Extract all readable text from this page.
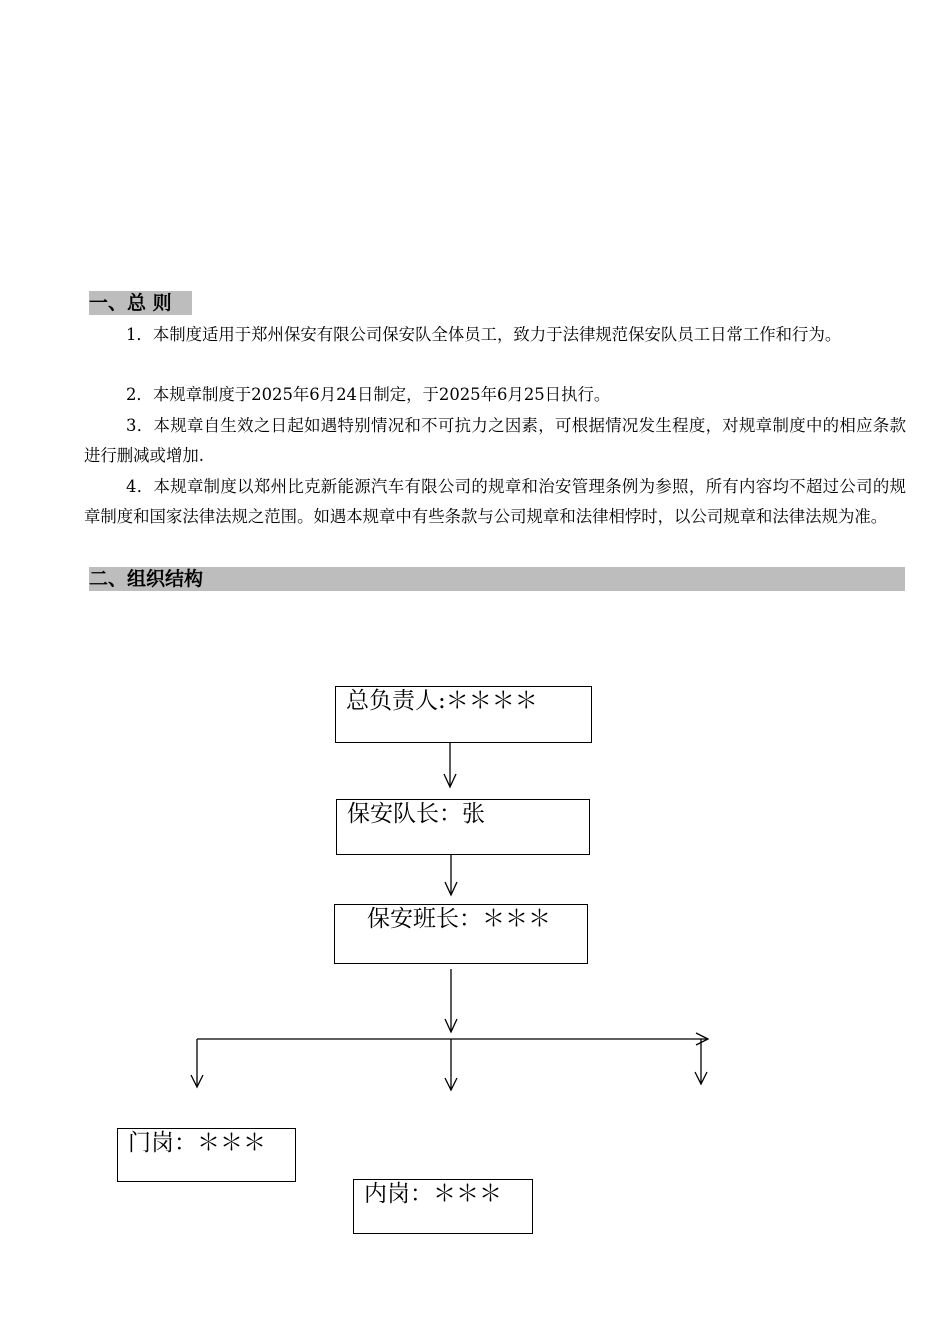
一、总 则
1．本制度适用于郑州保安有限公司保安队全体员工，致力于法律规范保安队员工日常工作和行为。
2．本规章制度于2025年6月24日制定，于2025年6月25日执行。
3．本规章自生效之日起如遇特别情况和不可抗力之因素，可根据情况发生程度，对规章制度中的相应条款进行删减或增加.
4．本规章制度以郑州比克新能源汽车有限公司的规章和治安管理条例为参照，所有内容均不超过公司的规章制度和国家法律法规之范围。如遇本规章中有些条款与公司规章和法律相悖时，以公司规章和法律法规为准。
二、组织结构
总负责人:＊＊＊＊
保安队长：张
保安班长：＊＊＊
门岗：＊＊＊
内岗：＊＊＊
